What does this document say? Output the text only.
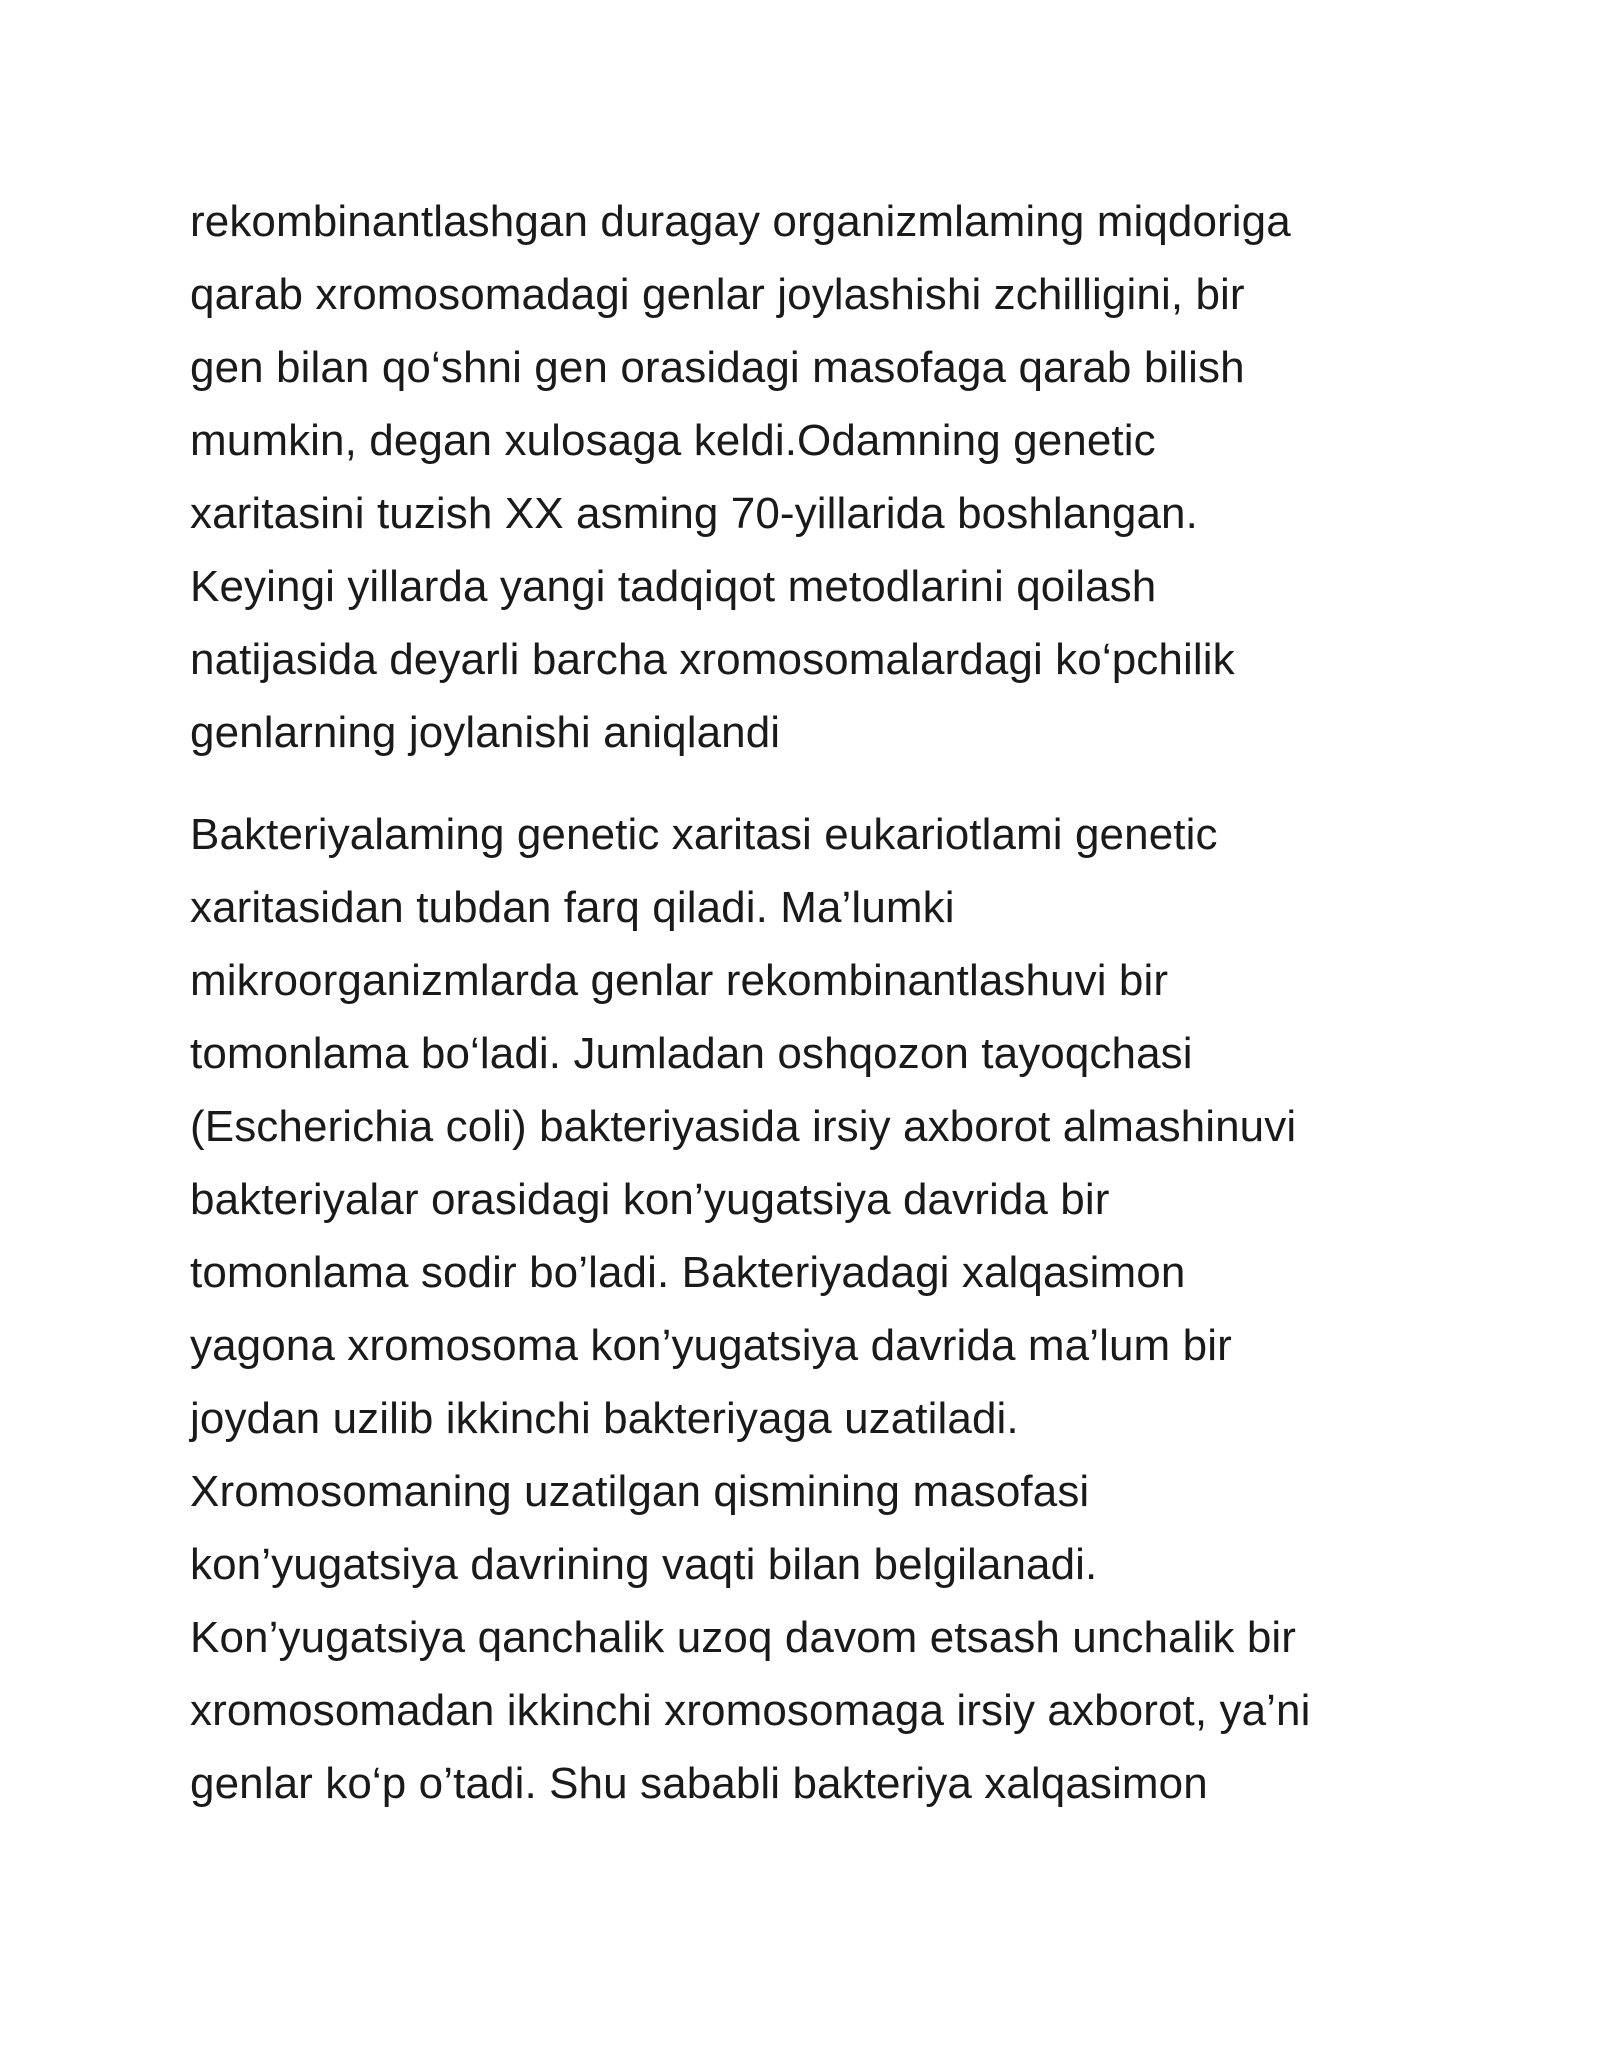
rekombinantlashgan duragay organizmlaming miqdoriga
qarab xromosomadagi genlar joylashishi zchilligini, bir
gen bilan qo‘shni gen orasidagi masofaga qarab bilish
mumkin, degan xulosaga keldi.Odamning genetic
xaritasini tuzish XX asming 70-yillarida boshlangan.
Keyingi yillarda yangi tadqiqot metodlarini qoilash
natijasida deyarli barcha xromosomalardagi ko‘pchilik
genlarning joylanishi aniqlandi
Bakteriyalaming genetic xaritasi eukariotlami genetic
xaritasidan tubdan farq qiladi. Ma’lumki
mikroorganizmlarda genlar rekombinantlashuvi bir
tomonlama bo‘ladi. Jumladan oshqozon tayoqchasi
(Escherichia coli) bakteriyasida irsiy axborot almashinuvi
bakteriyalar orasidagi kon’yugatsiya davrida bir
tomonlama sodir bo’ladi. Bakteriyadagi xalqasimon
yagona xromosoma kon’yugatsiya davrida ma’lum bir
joydan uzilib ikkinchi bakteriyaga uzatiladi.
Xromosomaning uzatilgan qismining masofasi
kon’yugatsiya davrining vaqti bilan belgilanadi.
Kon’yugatsiya qanchalik uzoq davom etsash unchalik bir
xromosomadan ikkinchi xromosomaga irsiy axborot, ya’ni
genlar ko‘p o’tadi. Shu sababli bakteriya xalqasimon
